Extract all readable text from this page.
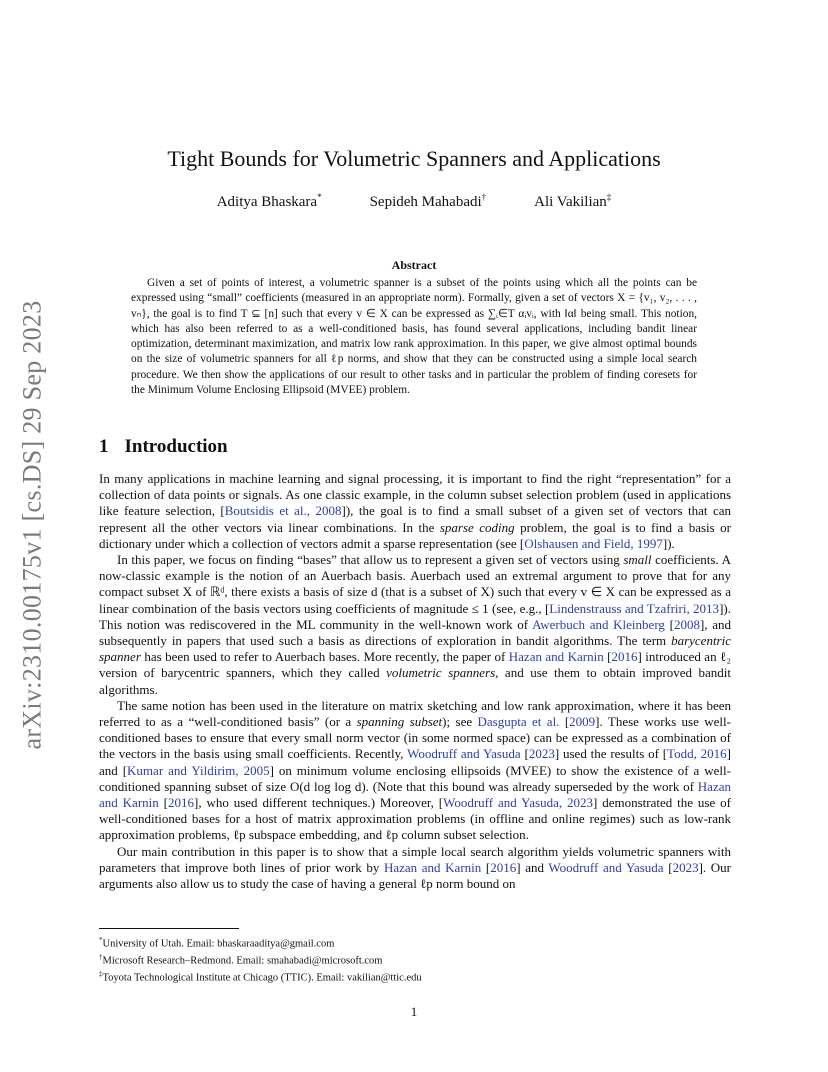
arXiv:2310.00175v1 [cs.DS] 29 Sep 2023
Tight Bounds for Volumetric Spanners and Applications
Aditya Bhaskara*	Sepideh Mahabadi†	Ali Vakilian‡
Abstract

Given a set of points of interest, a volumetric spanner is a subset of the points using which all the points can be expressed using “small” coefficients (measured in an appropriate norm). Formally, given a set of vectors X = {v₁, v₂, . . . , vₙ}, the goal is to find T ⊆ [n] such that every v ∈ X can be expressed as ∑ᵢ∈T αᵢvᵢ, with ‖α‖ being small. This notion, which has also been referred to as a well-conditioned basis, has found several applications, including bandit linear optimization, determinant maximization, and matrix low rank approximation. In this paper, we give almost optimal bounds on the size of volumetric spanners for all ℓp norms, and show that they can be constructed using a simple local search procedure. We then show the applications of our result to other tasks and in particular the problem of finding coresets for the Minimum Volume Enclosing Ellipsoid (MVEE) problem.

1 Introduction

In many applications in machine learning and signal processing, it is important to find the right “representation” for a collection of data points or signals. As one classic example, in the column subset selection problem (used in applications like feature selection, [Boutsidis et al., 2008]), the goal is to find a small subset of a given set of vectors that can represent all the other vectors via linear combinations. In the sparse coding problem, the goal is to find a basis or dictionary under which a collection of vectors admit a sparse representation (see [Olshausen and Field, 1997]).

In this paper, we focus on finding “bases” that allow us to represent a given set of vectors using small coefficients. A now-classic example is the notion of an Auerbach basis. Auerbach used an extremal argument to prove that for any compact subset X of ℝᵈ, there exists a basis of size d (that is a subset of X) such that every v ∈ X can be expressed as a linear combination of the basis vectors using coefficients of magnitude ≤ 1 (see, e.g., [Lindenstrauss and Tzafriri, 2013]). This notion was rediscovered in the ML community in the well-known work of Awerbuch and Kleinberg [2008], and subsequently in papers that used such a basis as directions of exploration in bandit algorithms. The term barycentric spanner has been used to refer to Auerbach bases. More recently, the paper of Hazan and Karnin [2016] introduced an ℓ₂ version of barycentric spanners, which they called volumetric spanners, and use them to obtain improved bandit algorithms.

The same notion has been used in the literature on matrix sketching and low rank approximation, where it has been referred to as a “well-conditioned basis” (or a spanning subset); see Dasgupta et al. [2009]. These works use well-conditioned bases to ensure that every small norm vector (in some normed space) can be expressed as a combination of the vectors in the basis using small coefficients. Recently, Woodruff and Yasuda [2023] used the results of [Todd, 2016] and [Kumar and Yildirim, 2005] on minimum volume enclosing ellipsoids (MVEE) to show the existence of a well-conditioned spanning subset of size O(d log log d). (Note that this bound was already superseded by the work of Hazan and Karnin [2016], who used different techniques.) Moreover, [Woodruff and Yasuda, 2023] demonstrated the use of well-conditioned bases for a host of matrix approximation problems (in offline and online regimes) such as low-rank approximation problems, ℓp subspace embedding, and ℓp column subset selection.

Our main contribution in this paper is to show that a simple local search algorithm yields volumetric spanners with parameters that improve both lines of prior work by Hazan and Karnin [2016] and Woodruff and Yasuda [2023]. Our arguments also allow us to study the case of having a general ℓp norm bound on

*University of Utah. Email: bhaskaraaditya@gmail.com
†Microsoft Research–Redmond. Email: smahabadi@microsoft.com
‡Toyota Technological Institute at Chicago (TTIC). Email: vakilian@ttic.edu
1
